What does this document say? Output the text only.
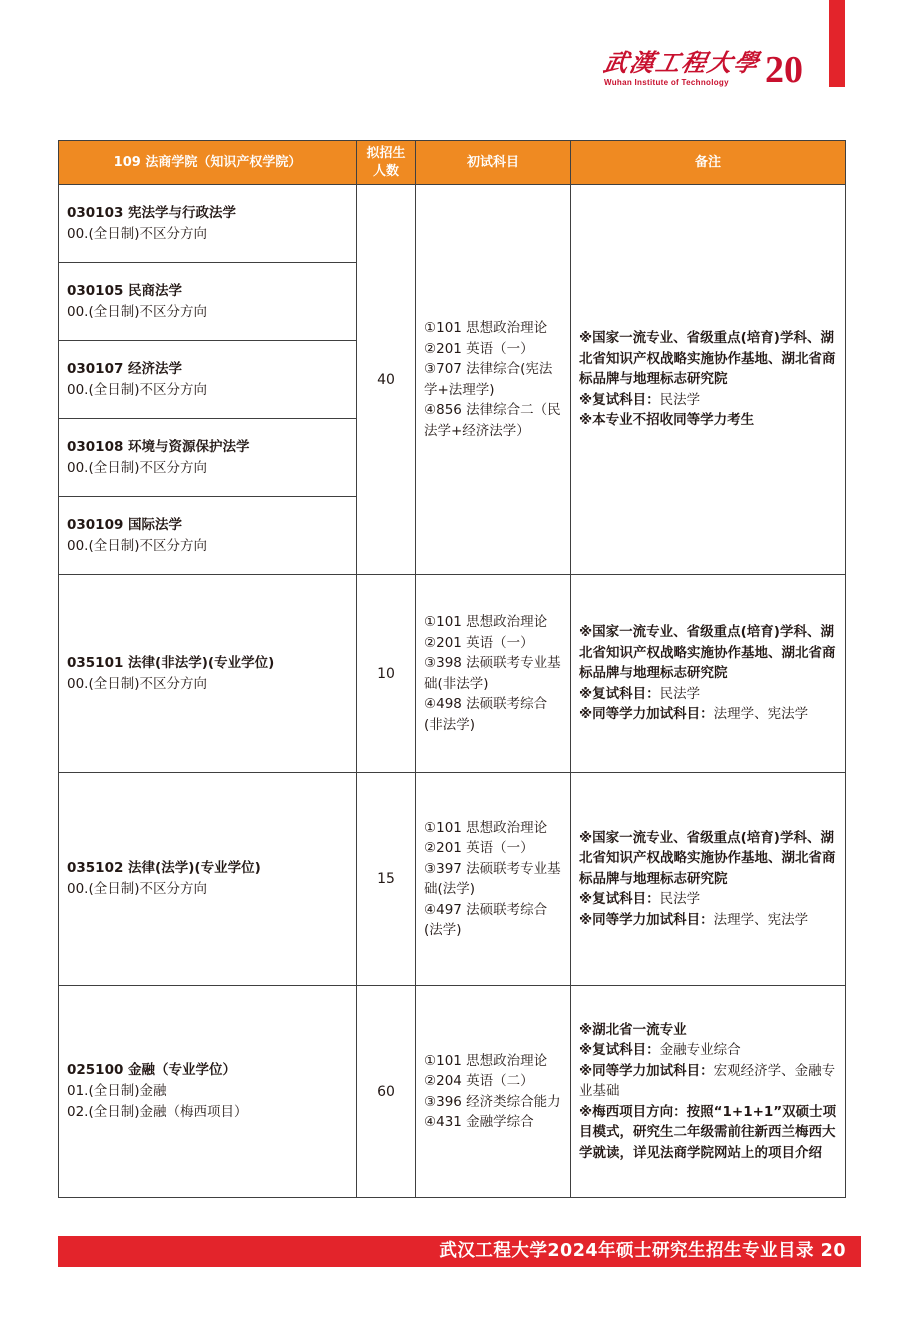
武漢工程大學
Wuhan Institute of Technology 20
109 法商学院（知识产权学院）	拟招生
人数	初试科目	备注

030103 宪法学与行政法学
00.(全日制)不区分方向	40	①101 思想政治理论
②201 英语（一）
③707 法律综合(宪法学+法理学)
④856 法律综合二（民法学+经济法学）	※国家一流专业、省级重点(培育)学科、湖北省知识产权战略实施协作基地、湖北省商标品牌与地理标志研究院
※复试科目：民法学
※本专业不招收同等学力考生

030105 民商法学
00.(全日制)不区分方向			

030107 经济法学
00.(全日制)不区分方向			

030108 环境与资源保护法学
00.(全日制)不区分方向			

030109 国际法学
00.(全日制)不区分方向			

035101 法律(非法学)(专业学位)
00.(全日制)不区分方向	10	①101 思想政治理论
②201 英语（一）
③398 法硕联考专业基础(非法学)
④498 法硕联考综合(非法学)	※国家一流专业、省级重点(培育)学科、湖北省知识产权战略实施协作基地、湖北省商标品牌与地理标志研究院
※复试科目：民法学
※同等学力加试科目：法理学、宪法学

035102 法律(法学)(专业学位)
00.(全日制)不区分方向	15	①101 思想政治理论
②201 英语（一）
③397 法硕联考专业基础(法学)
④497 法硕联考综合(法学)	※国家一流专业、省级重点(培育)学科、湖北省知识产权战略实施协作基地、湖北省商标品牌与地理标志研究院
※复试科目：民法学
※同等学力加试科目：法理学、宪法学

025100 金融（专业学位）
01.(全日制)金融
02.(全日制)金融（梅西项目）	60	①101 思想政治理论
②204 英语（二）
③396 经济类综合能力
④431 金融学综合	※湖北省一流专业
※复试科目：金融专业综合
※同等学力加试科目：宏观经济学、金融专业基础
※梅西项目方向：按照“1+1+1”双硕士项目模式，研究生二年级需前往新西兰梅西大学就读，详见法商学院网站上的项目介绍
武汉工程大学2024年硕士研究生招生专业目录 20
